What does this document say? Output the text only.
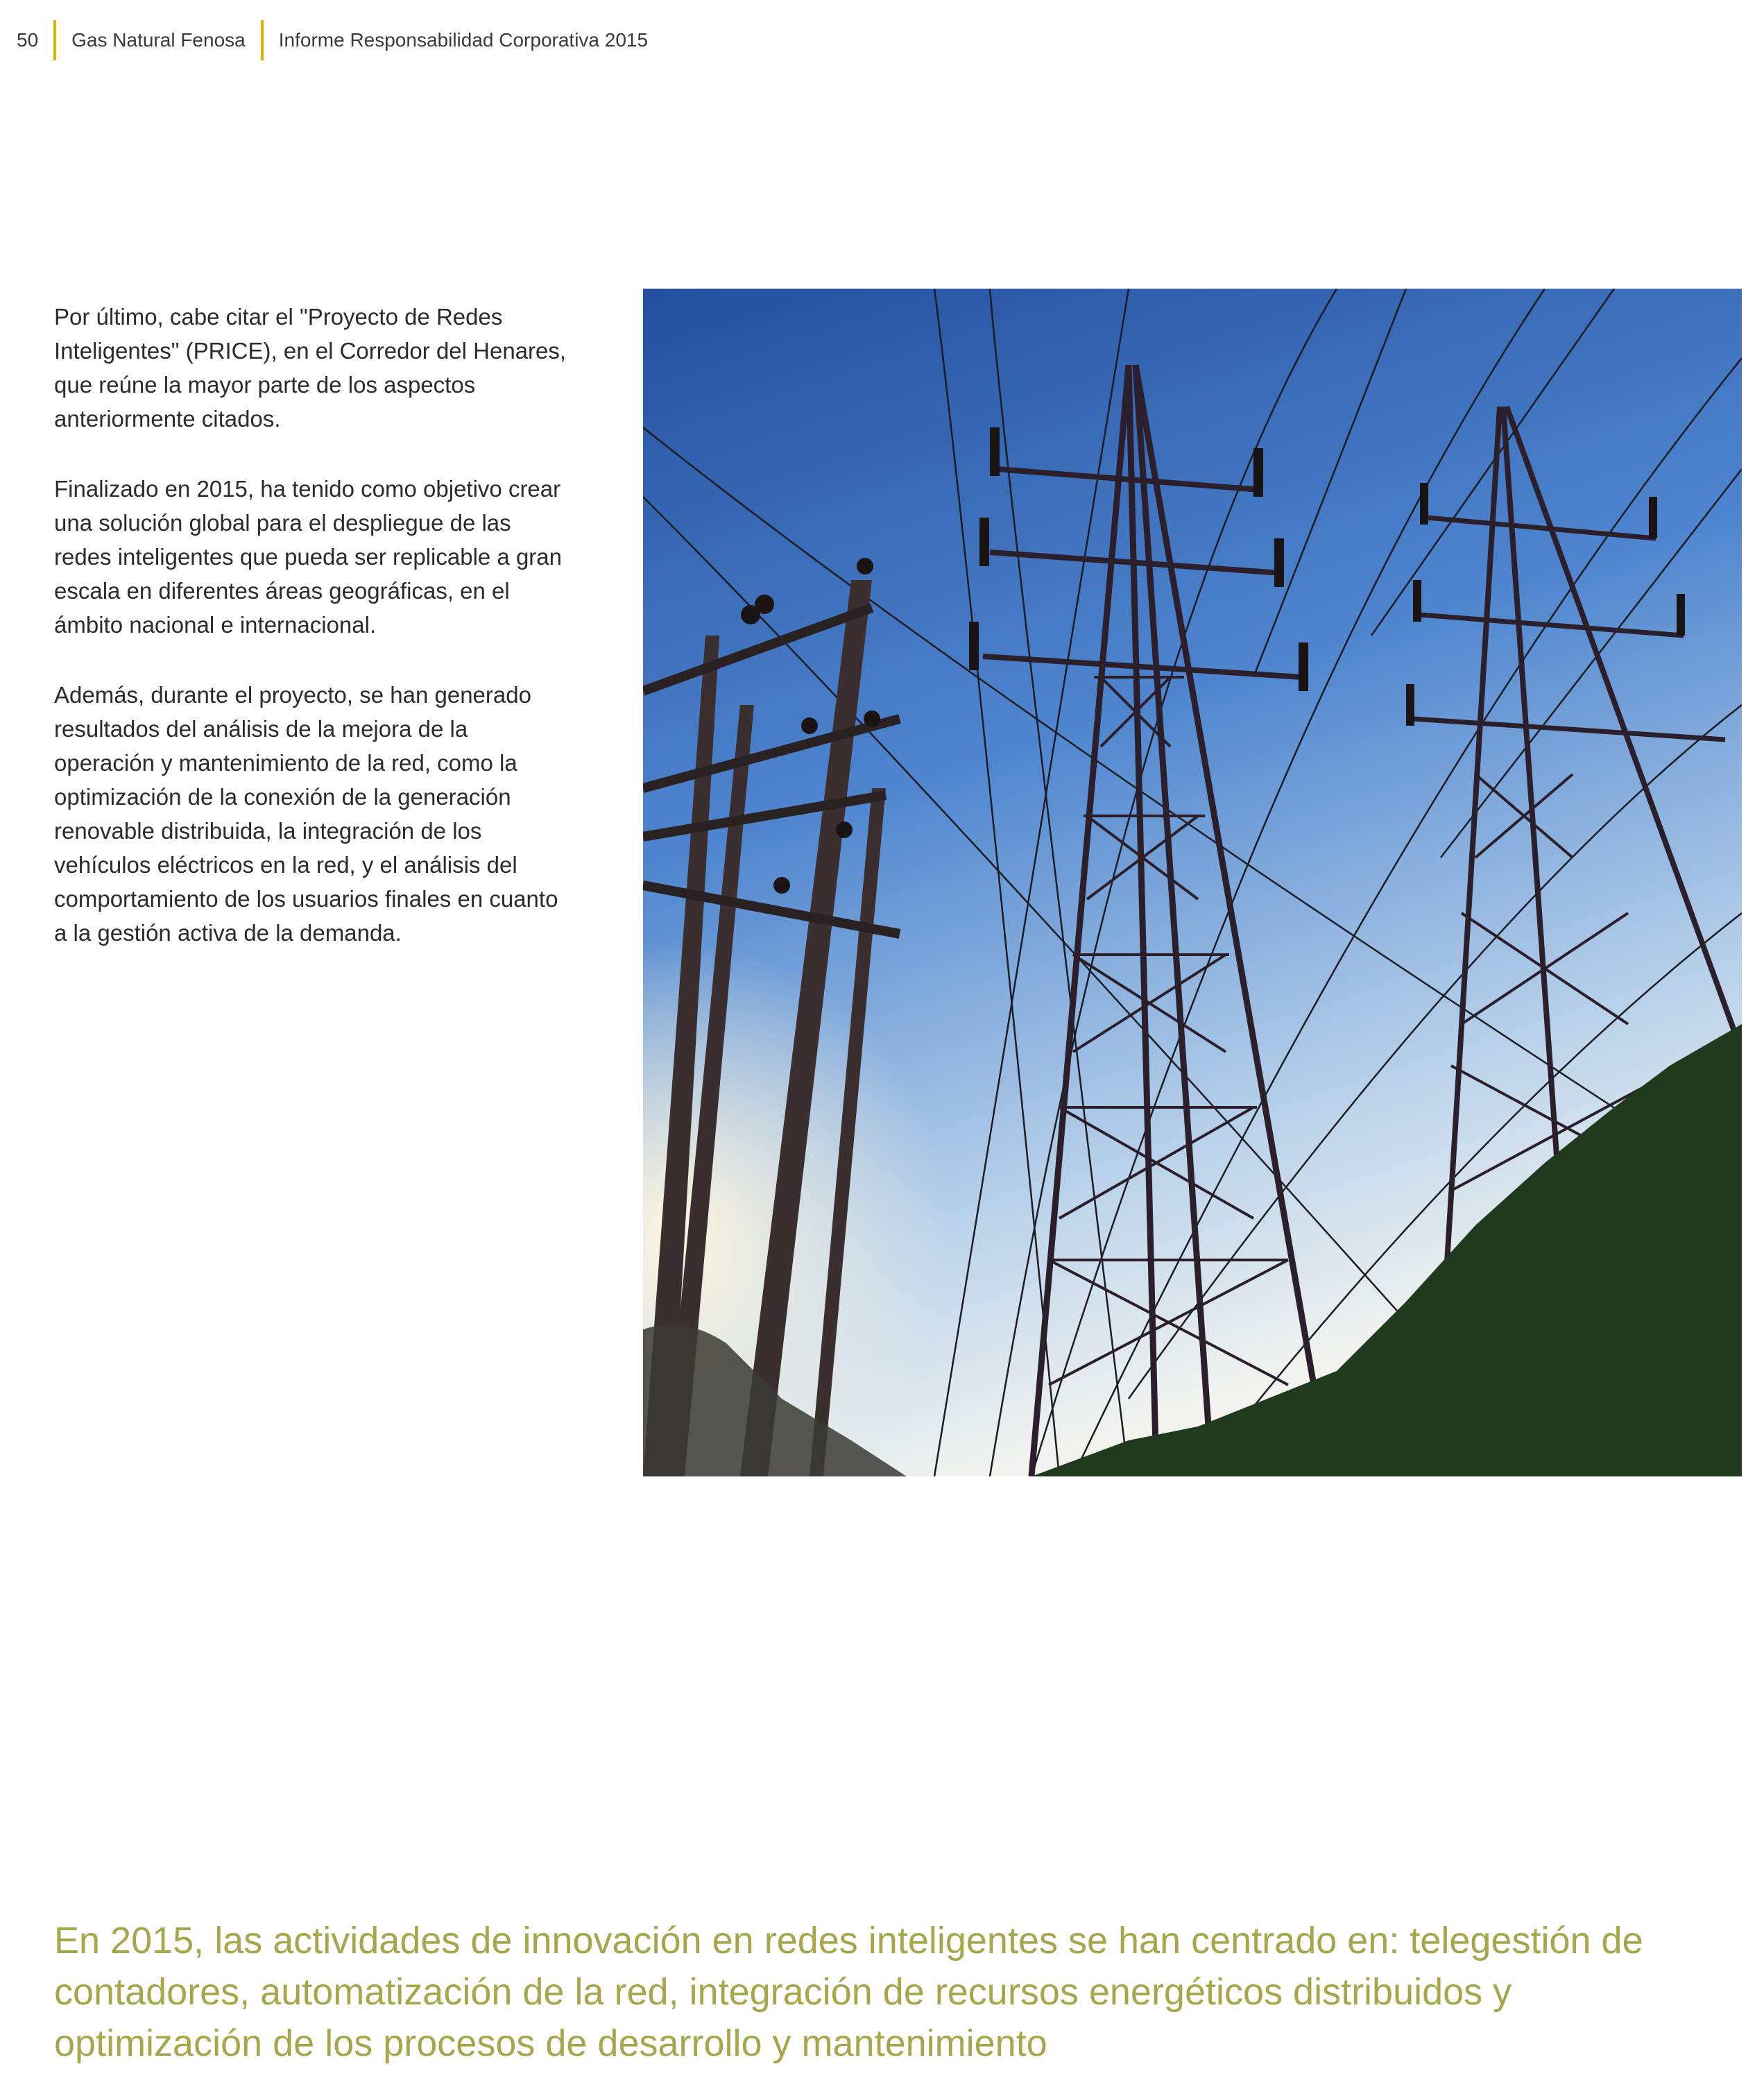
50 Gas Natural Fenosa Informe Responsabilidad Corporativa 2015

Por último, cabe citar el "Proyecto de Redes Inteligentes" (PRICE), en el Corredor del Henares, que reúne la mayor parte de los aspectos anteriormente citados.

Finalizado en 2015, ha tenido como objetivo crear una solución global para el despliegue de las redes inteligentes que pueda ser replicable a gran escala en diferentes áreas geográficas, en el ámbito nacional e internacional.

Además, durante el proyecto, se han generado resultados del análisis de la mejora de la operación y mantenimiento de la red, como la optimización de la conexión de la generación renovable distribuida, la integración de los vehículos eléctricos en la red, y el análisis del comportamiento de los usuarios finales en cuanto a la gestión activa de la demanda.

En 2015, las actividades de innovación en redes inteligentes se han centrado en: telegestión de contadores, automatización de la red, integración de recursos energéticos distribuidos y optimización de los procesos de desarrollo y mantenimiento
